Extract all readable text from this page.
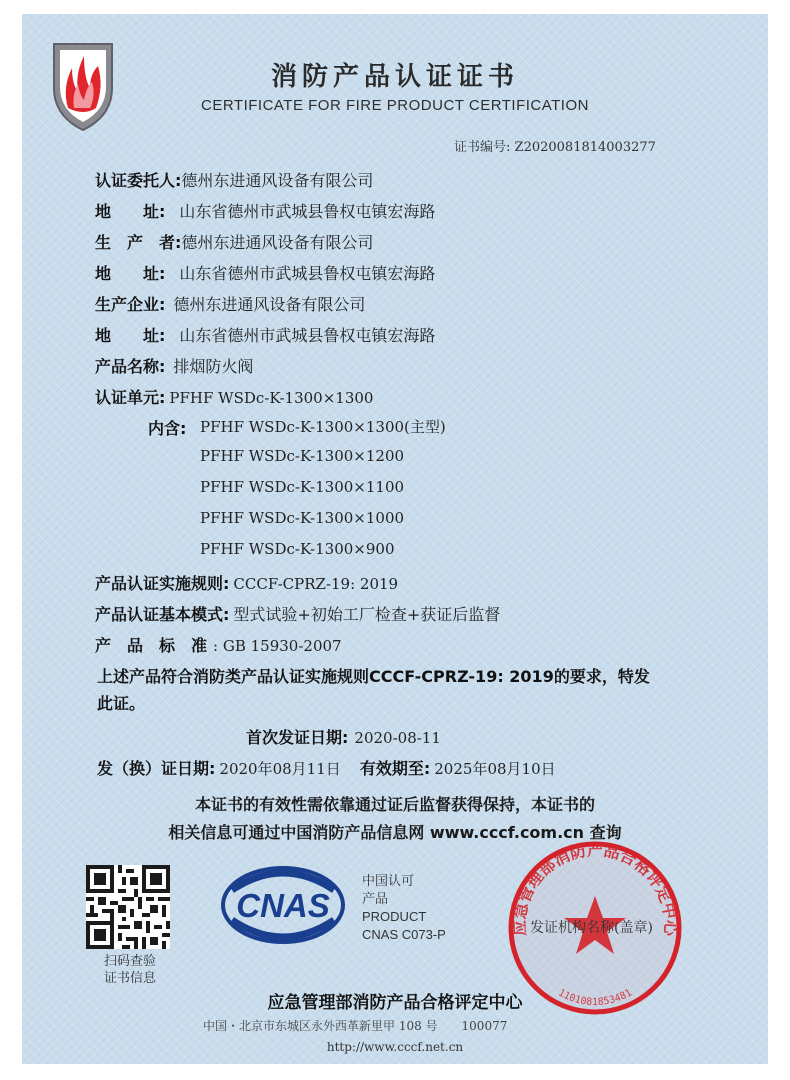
消防产品认证证书
CERTIFICATE FOR FIRE PRODUCT CERTIFICATION
证书编号: Z2020081814003277
认证委托人:德州东进通风设备有限公司
地　　址: 山东省德州市武城县鲁权屯镇宏海路
生　产　者:德州东进通风设备有限公司
地　　址: 山东省德州市武城县鲁权屯镇宏海路
生产企业: 德州东进通风设备有限公司
地　　址: 山东省德州市武城县鲁权屯镇宏海路
产品名称: 排烟防火阀
认证单元: PFHF WSDc-K-1300×1300
内含: PFHF WSDc-K-1300×1300(主型)
PFHF WSDc-K-1300×1200
PFHF WSDc-K-1300×1100
PFHF WSDc-K-1300×1000
PFHF WSDc-K-1300×900
产品认证实施规则: CCCF-CPRZ-19: 2019
产品认证基本模式: 型式试验+初始工厂检查+获证后监督
产　品　标　准 : GB 15930-2007
上述产品符合消防类产品认证实施规则CCCF-CPRZ-19: 2019的要求，特发
此证。
首次发证日期: 2020-08-11
发（换）证日期: 2020年08月11日 有效期至: 2025年08月10日
本证书的有效性需依靠通过证后监督获得保持，本证书的
相关信息可通过中国消防产品信息网 www.cccf.com.cn 查询
扫码查验
证书信息
CNAS
中国认可
产品
PRODUCT
CNAS C073-P	应急管理部消防产品合格评定中心
1101081853481
发证机构名称(盖章)
应急管理部消防产品合格评定中心
中国・北京市东城区永外西革新里甲 108 号　　100077
http://www.cccf.net.cn
